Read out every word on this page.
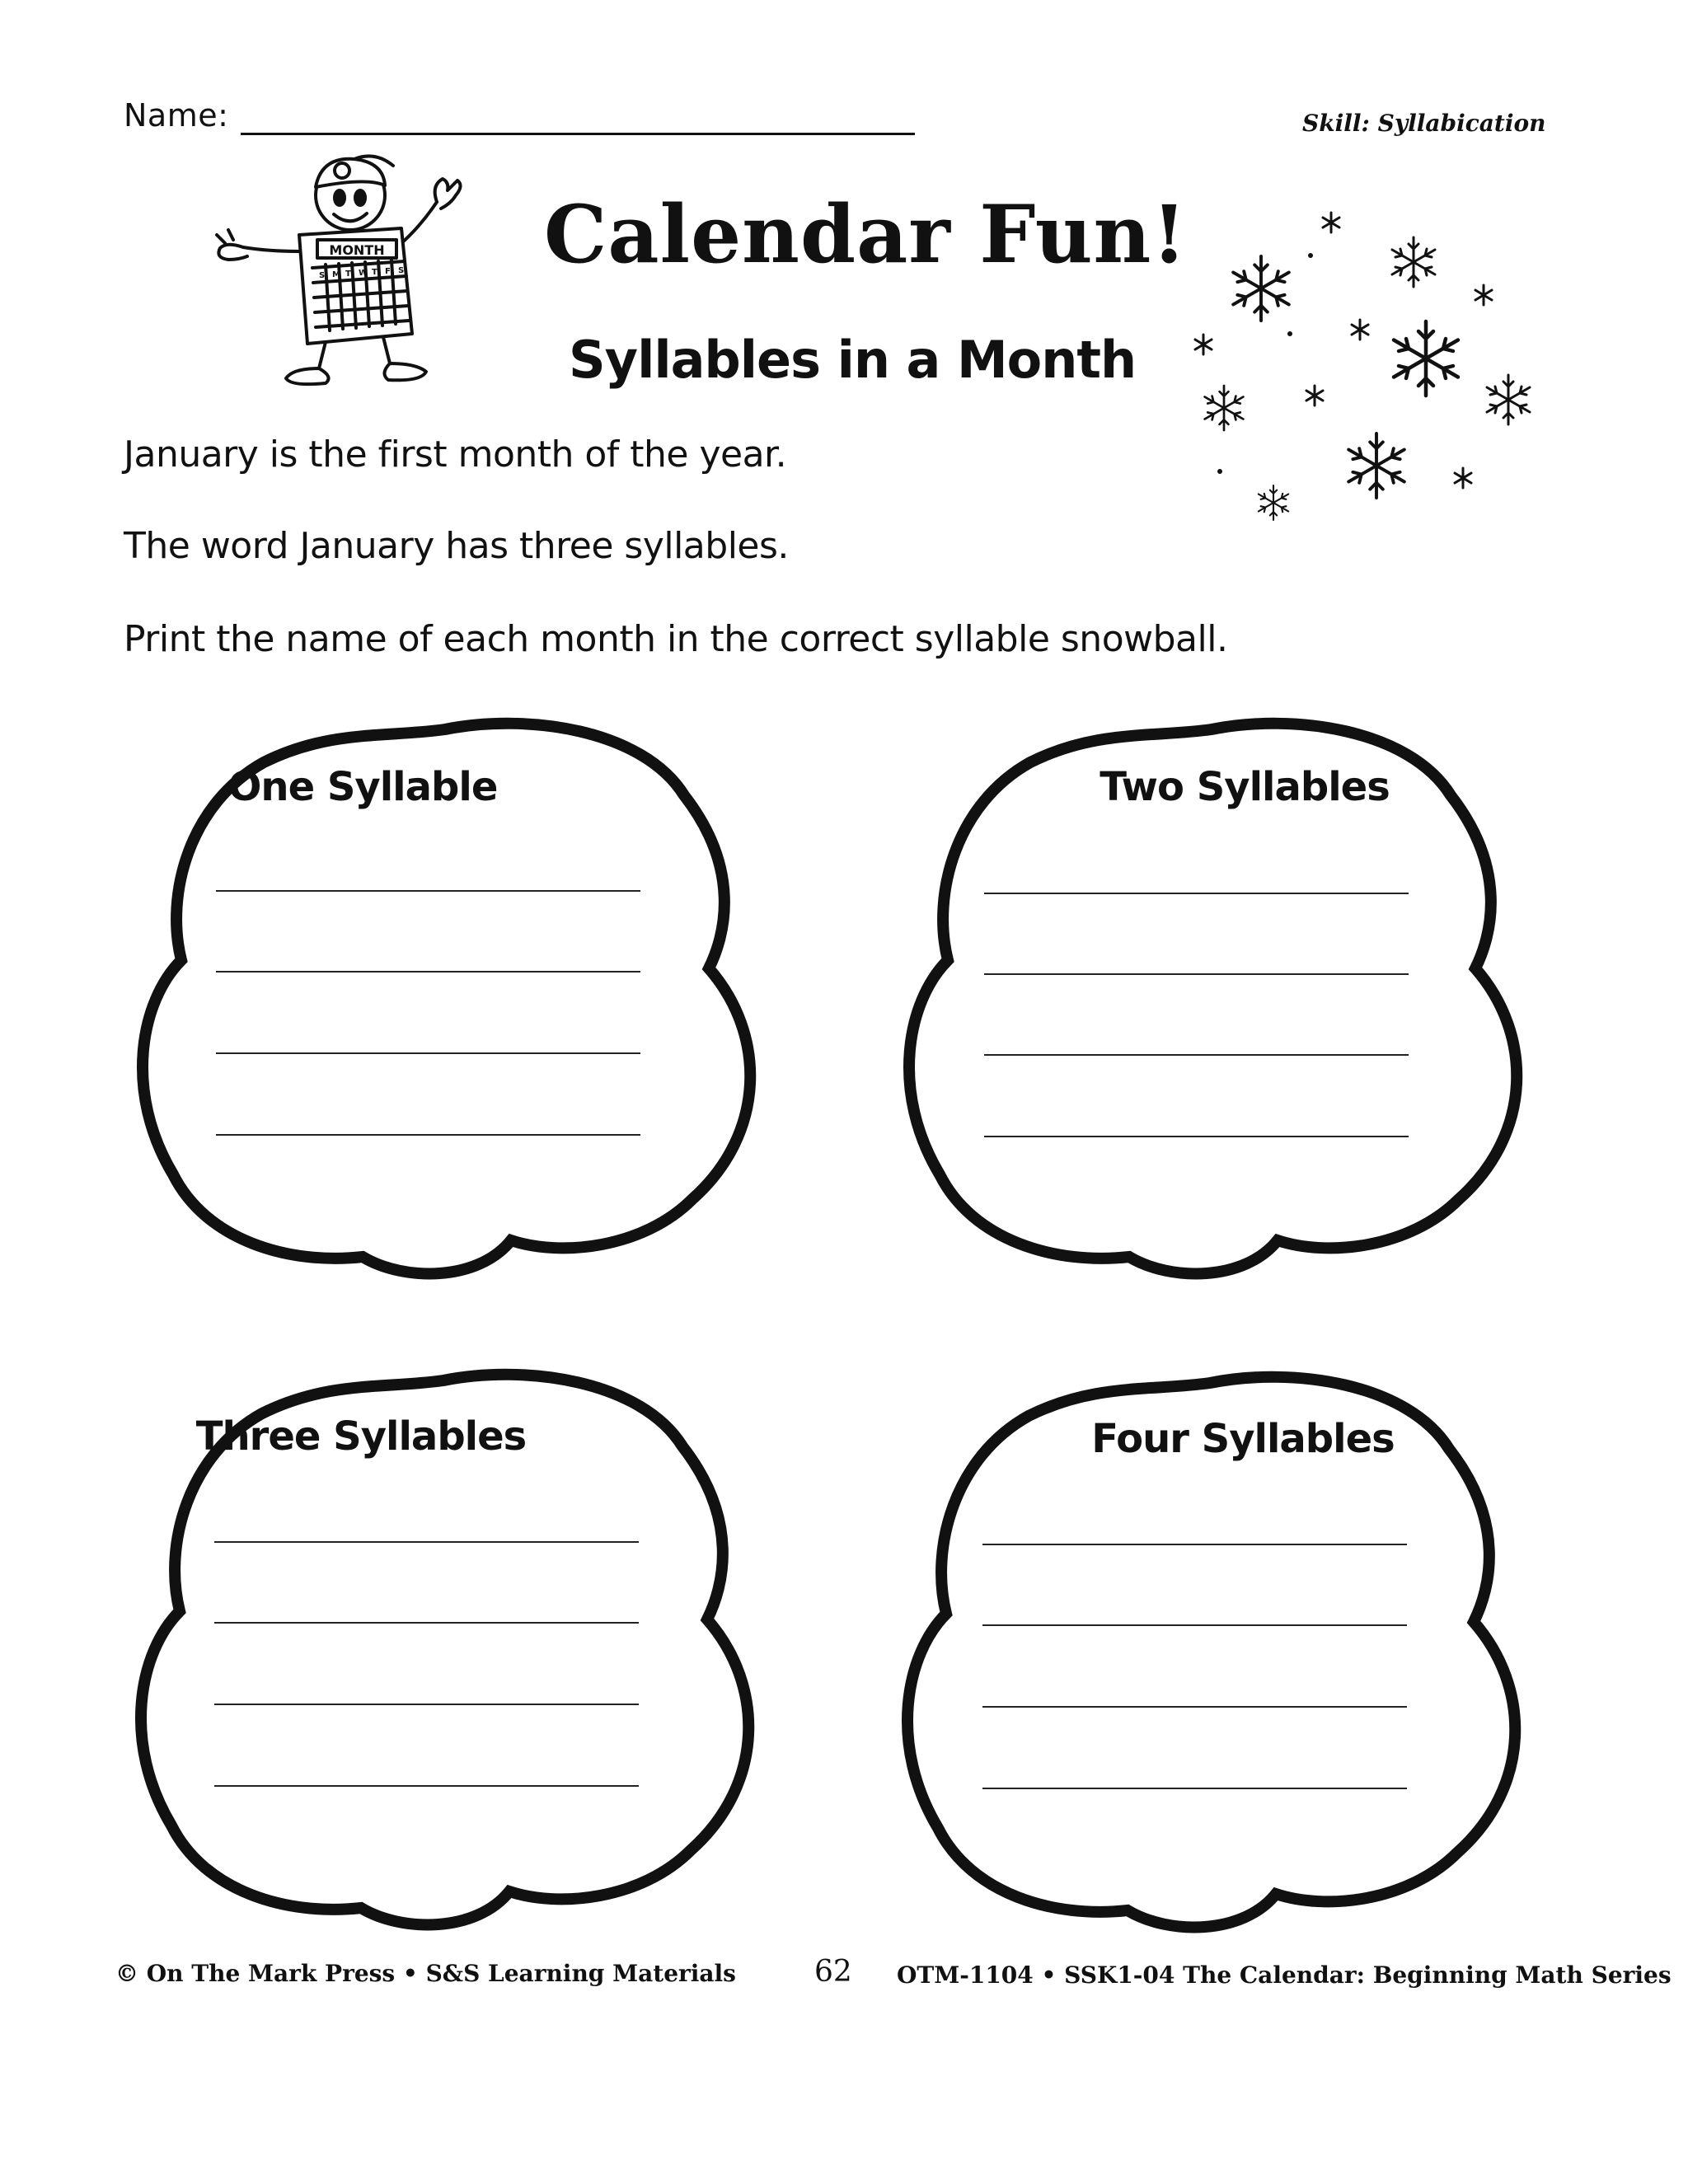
Name:	Skill: Syllabication
MONTH
S M T W T F S Calendar Fun!
Syllables in a Month
January is the first month of the year.
The word January has three syllables.
Print the name of each month in the correct syllable snowball.
One Syllable	Two Syllables
Three Syllables	Four Syllables
© On The Mark Press • S&S Learning Materials	62 OTM-1104 • SSK1-04 The Calendar: Beginning Math Series
